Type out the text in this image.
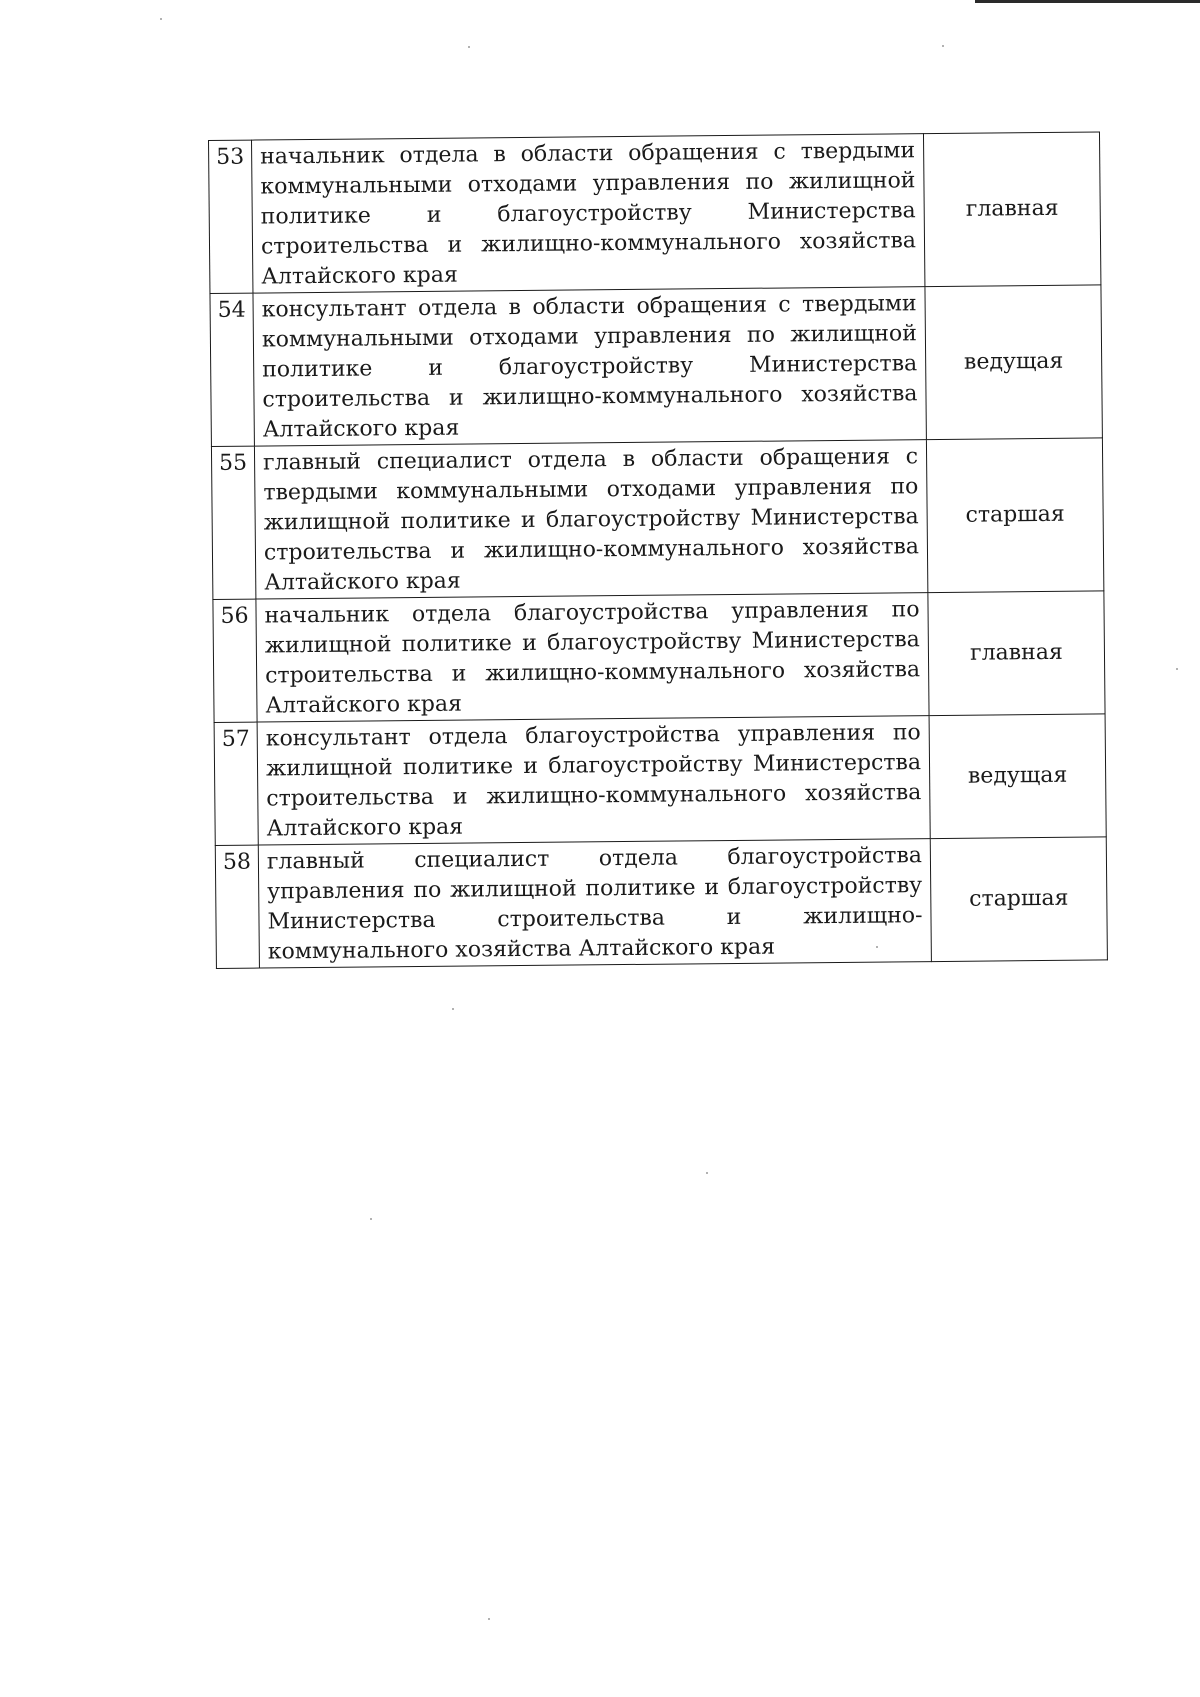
53	начальник отдела в области обращения с твердыми коммунальными отходами управления по жилищной политике и благоустройству Министерства строительства и жилищно-коммунального хозяйства Алтайского края	главная
54	консультант отдела в области обращения с твердыми коммунальными отходами управления по жилищной политике и благоустройству Министерства строительства и жилищно-коммунального хозяйства Алтайского края	ведущая
55	главный специалист отдела в области обращения с твердыми коммунальными отходами управления по жилищной политике и благоустройству Министерства строительства и жилищно-коммунального хозяйства Алтайского края	старшая
56	начальник отдела благоустройства управления по жилищной политике и благоустройству Министерства строительства и жилищно-коммунального хозяйства Алтайского края	главная
57	консультант отдела благоустройства управления по жилищной политике и благоустройству Министерства строительства и жилищно-коммунального хозяйства Алтайского края	ведущая
58	главный специалист отдела благоустройства управления по жилищной политике и благоустройству Министерства строительства и жилищно-коммунального хозяйства Алтайского края	старшая
